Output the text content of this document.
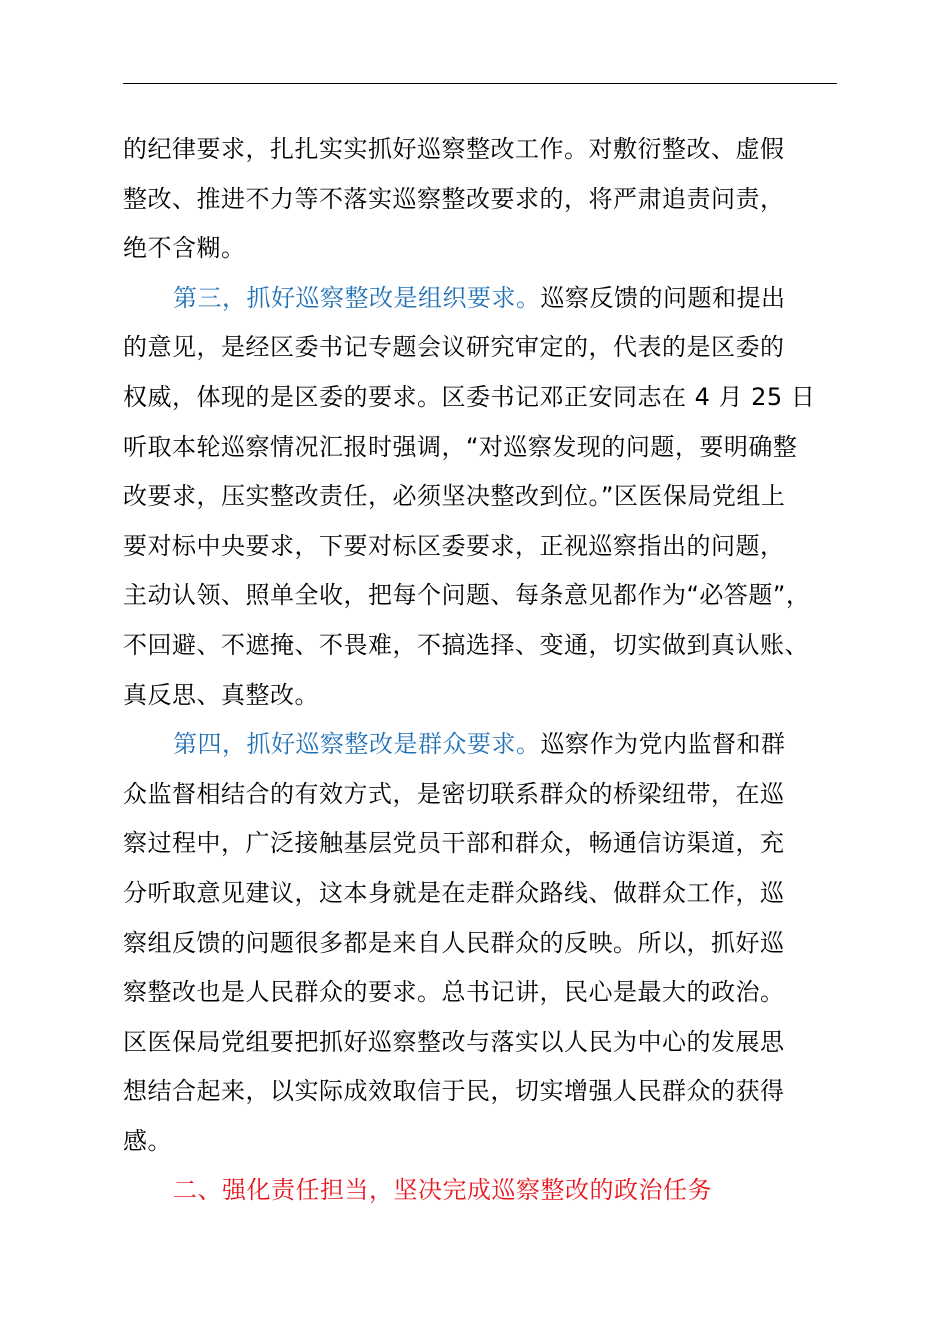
的纪律要求，扎扎实实抓好巡察整改工作。对敷衍整改、虚假
整改、推进不力等不落实巡察整改要求的，将严肃追责问责，
绝不含糊。
第三，抓好巡察整改是组织要求。巡察反馈的问题和提出
的意见，是经区委书记专题会议研究审定的，代表的是区委的
权威，体现的是区委的要求。区委书记邓正安同志在 4 月 25 日
听取本轮巡察情况汇报时强调，“对巡察发现的问题，要明确整
改要求，压实整改责任，必须坚决整改到位。”区医保局党组上
要对标中央要求，下要对标区委要求，正视巡察指出的问题，
主动认领、照单全收，把每个问题、每条意见都作为“必答题”，
不回避、不遮掩、不畏难，不搞选择、变通，切实做到真认账、
真反思、真整改。
第四，抓好巡察整改是群众要求。巡察作为党内监督和群
众监督相结合的有效方式，是密切联系群众的桥梁纽带，在巡
察过程中，广泛接触基层党员干部和群众，畅通信访渠道，充
分听取意见建议，这本身就是在走群众路线、做群众工作，巡
察组反馈的问题很多都是来自人民群众的反映。所以，抓好巡
察整改也是人民群众的要求。总书记讲，民心是最大的政治。
区医保局党组要把抓好巡察整改与落实以人民为中心的发展思
想结合起来，以实际成效取信于民，切实增强人民群众的获得
感。
二、强化责任担当，坚决完成巡察整改的政治任务
